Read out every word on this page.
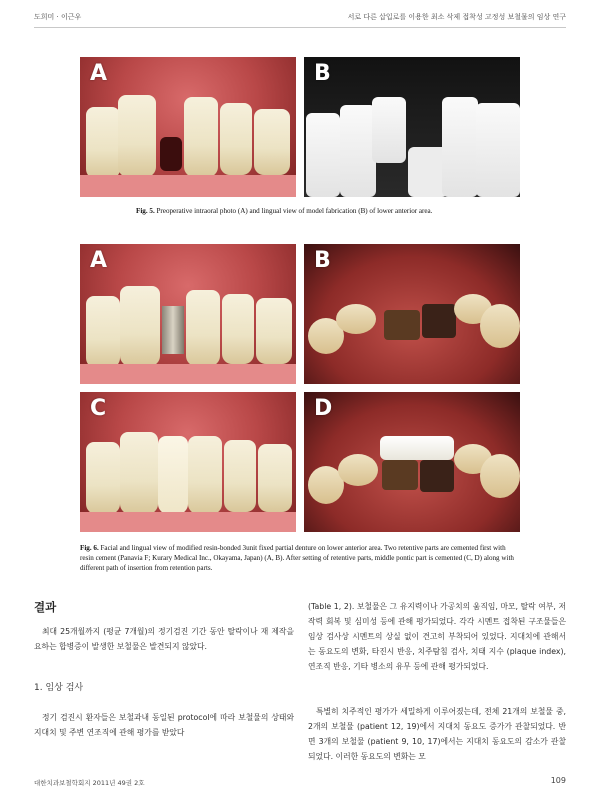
도희미 · 이근우	서로 다른 삽입로를 이용한 최소 삭제 접착성 고정성 보철물의 임상 연구
A	B
Fig. 5. Preoperative intraoral photo (A) and lingual view of model fabrication (B) of lower anterior area.
A	B
C	D
Fig. 6. Facial and lingual view of modified resin-bonded 3unit fixed partial denture on lower anterior area. Two retentive parts are cemented first with resin cement (Panavia F; Kurary Medical Inc., Okayama, Japan) (A, B). After setting of retentive parts, middle pontic part is cemented (C, D) along with different path of insertion from retention parts.
결과
최대 25개월까지 (평균 7개월)의 정기검진 기간 동안 탈락이나 재 제작을 요하는 합병증이 발생한 보철물은 발견되지 않았다.
1. 임상 검사
정기 검진시 환자들은 보철과내 동일된 protocol에 따라 보철물의 상태와 지대치 및 주변 연조직에 관해 평가를 받았다
(Table 1, 2). 보철물은 그 유지력이나 가공치의 움직임, 마모, 탈락 여부, 저작력 회복 및 심미성 등에 관해 평가되었다. 각각 시멘트 접착된 구조물들은 임상 검사상 시멘트의 상실 없이 견고히 부착되어 있었다. 지대치에 관해서는 동요도의 변화, 타진시 반응, 치주탐침 검사, 치태 지수 (plaque index), 연조직 반응, 기타 병소의 유무 등에 관해 평가되었다.
특별히 치주적인 평가가 세밀하게 이루어졌는데, 전체 21개의 보철물 중, 2개의 보철물 (patient 12, 19)에서 지대치 동요도 증가가 관찰되었다. 반면 3개의 보철물 (patient 9, 10, 17)에서는 지대치 동요도의 감소가 관찰되었다. 이러한 동요도의 변화는 모
대한치과보철학회지 2011년 49권 2호	109
